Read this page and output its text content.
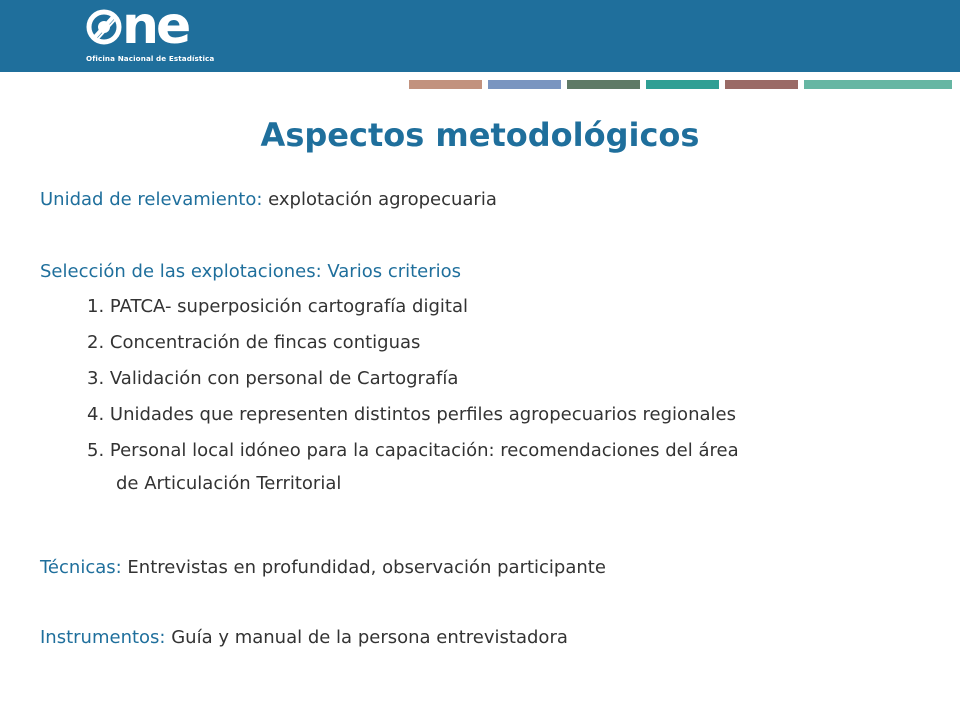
ne
Oficina Nacional de Estadística
Aspectos metodológicos
Unidad de relevamiento: explotación agropecuaria
Selección de las explotaciones: Varios criterios
1. PATCA- superposición cartografía digital
2. Concentración de fincas contiguas
3. Validación con personal de Cartografía
4. Unidades que representen distintos perfiles agropecuarios regionales
5. Personal local idóneo para la capacitación: recomendaciones del área
de Articulación Territorial
Técnicas: Entrevistas en profundidad, observación participante
Instrumentos: Guía y manual de la persona entrevistadora
